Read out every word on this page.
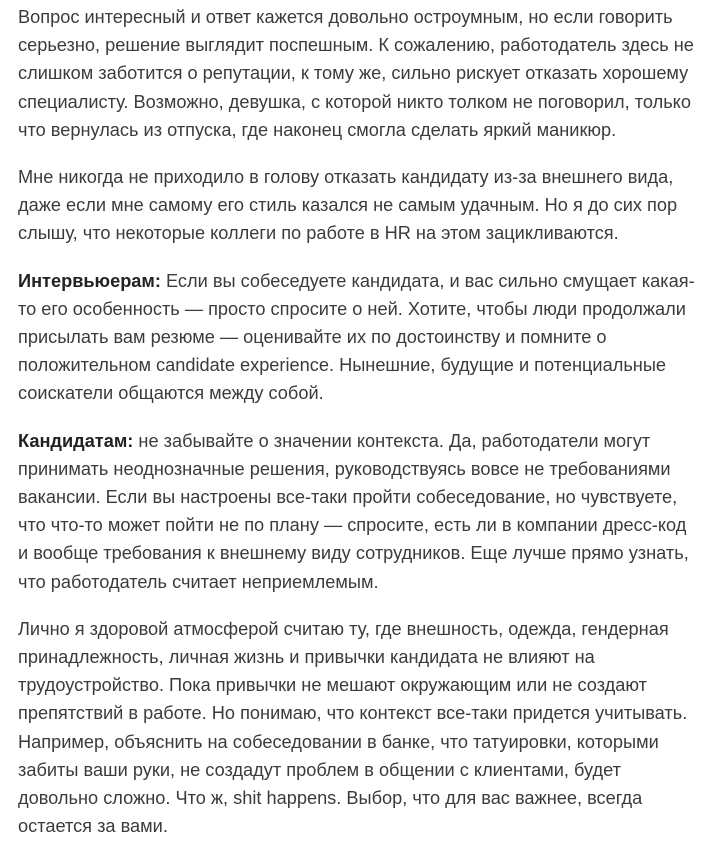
Вопрос интересный и ответ кажется довольно остроумным, но если говорить серьезно, решение выглядит поспешным. К сожалению, работодатель здесь не слишком заботится о репутации, к тому же, сильно рискует отказать хорошему специалисту. Возможно, девушка, с которой никто толком не поговорил, только что вернулась из отпуска, где наконец смогла сделать яркий маникюр.

Мне никогда не приходило в голову отказать кандидату из-за внешнего вида, даже если мне самому его стиль казался не самым удачным. Но я до сих пор слышу, что некоторые коллеги по работе в HR на этом зацикливаются.

Интервьюерам: Если вы собеседуете кандидата, и вас сильно смущает какая-то его особенность — просто спросите о ней. Хотите, чтобы люди продолжали присылать вам резюме — оценивайте их по достоинству и помните о положительном candidate experience. Нынешние, будущие и потенциальные соискатели общаются между собой.

Кандидатам: не забывайте о значении контекста. Да, работодатели могут принимать неоднозначные решения, руководствуясь вовсе не требованиями вакансии. Если вы настроены все-таки пройти собеседование, но чувствуете, что что-то может пойти не по плану — спросите, есть ли в компании дресс-код и вообще требования к внешнему виду сотрудников. Еще лучше прямо узнать, что работодатель считает неприемлемым.

Лично я здоровой атмосферой считаю ту, где внешность, одежда, гендерная принадлежность, личная жизнь и привычки кандидата не влияют на трудоустройство. Пока привычки не мешают окружающим или не создают препятствий в работе. Но понимаю, что контекст все-таки придется учитывать. Например, объяснить на собеседовании в банке, что татуировки, которыми забиты ваши руки, не создадут проблем в общении с клиентами, будет довольно сложно. Что ж, shit happens. Выбор, что для вас важнее, всегда остается за вами.
